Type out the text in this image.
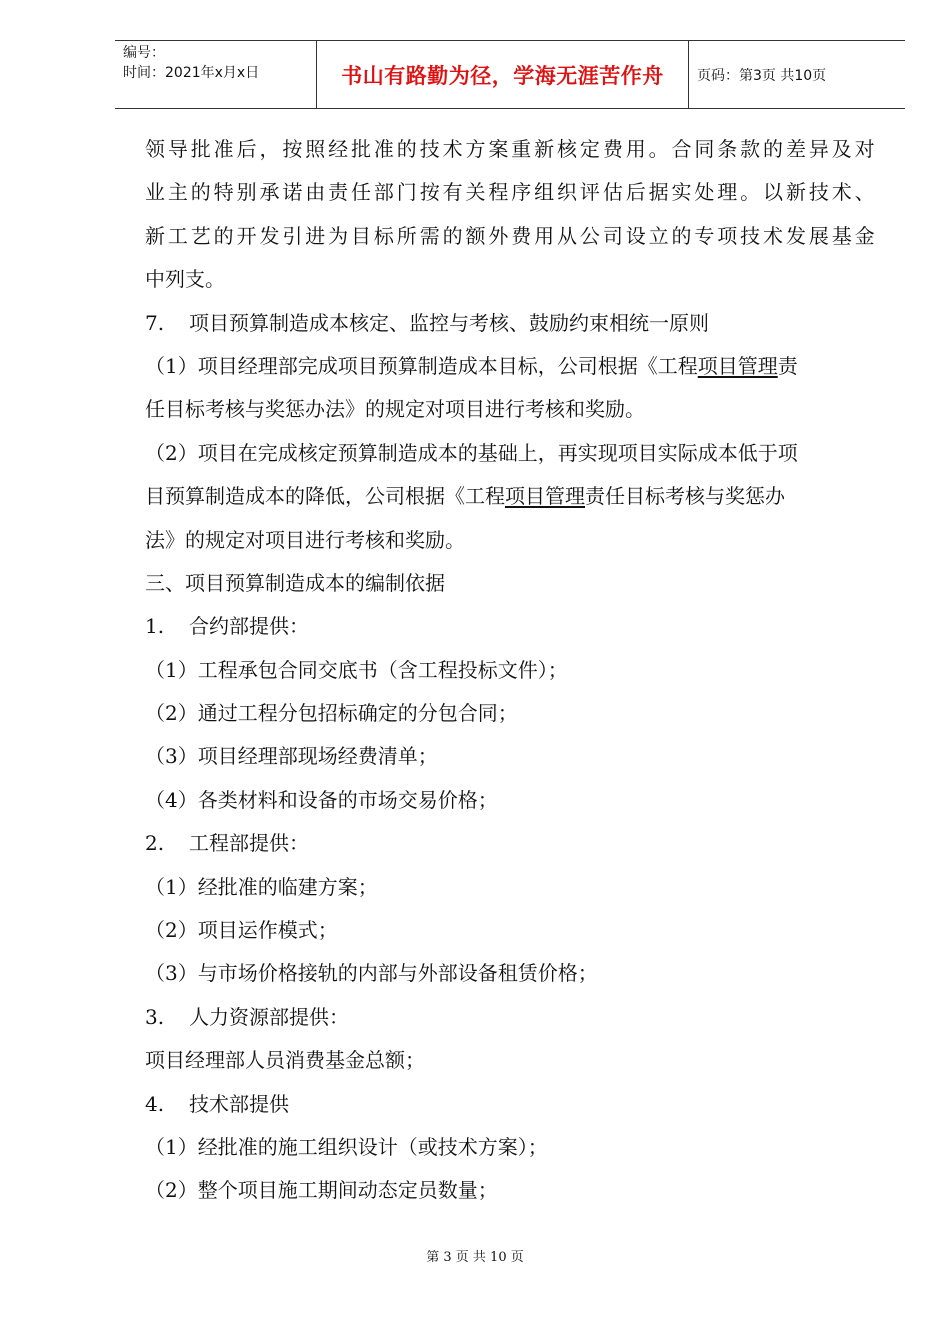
编号：
时间：2021年x月x日	书山有路勤为径，学海无涯苦作舟	页码：第3页 共10页
领 导 批 准 后 ， 按 照 经 批 准 的 技 术 方 案 重 新 核 定 费 用 。 合 同 条 款 的 差 异 及 对
业 主 的 特 别 承 诺 由 责 任 部 门 按 有 关 程 序 组 织 评 估 后 据 实 处 理 。 以 新 技 术 、
新 工 艺 的 开 发 引 进 为 目 标 所 需 的 额 外 费 用 从 公 司 设 立 的 专 项 技 术 发 展 基 金
中列支。
7. 项目预算制造成本核定、监控与考核、鼓励约束相统一原则
（1）项目经理部完成项目预算制造成本目标，公司根据《工程项目管理责
任目标考核与奖惩办法》的规定对项目进行考核和奖励。
（2）项目在完成核定预算制造成本的基础上，再实现项目实际成本低于项
目预算制造成本的降低，公司根据《工程项目管理责任目标考核与奖惩办
法》的规定对项目进行考核和奖励。
三、项目预算制造成本的编制依据
1. 合约部提供：
（1）工程承包合同交底书（含工程投标文件）；
（2）通过工程分包招标确定的分包合同；
（3）项目经理部现场经费清单；
（4）各类材料和设备的市场交易价格；
2. 工程部提供：
（1）经批准的临建方案；
（2）项目运作模式；
（3）与市场价格接轨的内部与外部设备租赁价格；
3. 人力资源部提供：
项目经理部人员消费基金总额；
4. 技术部提供
（1）经批准的施工组织设计（或技术方案）；
（2）整个项目施工期间动态定员数量；
第 3 页 共 10 页
